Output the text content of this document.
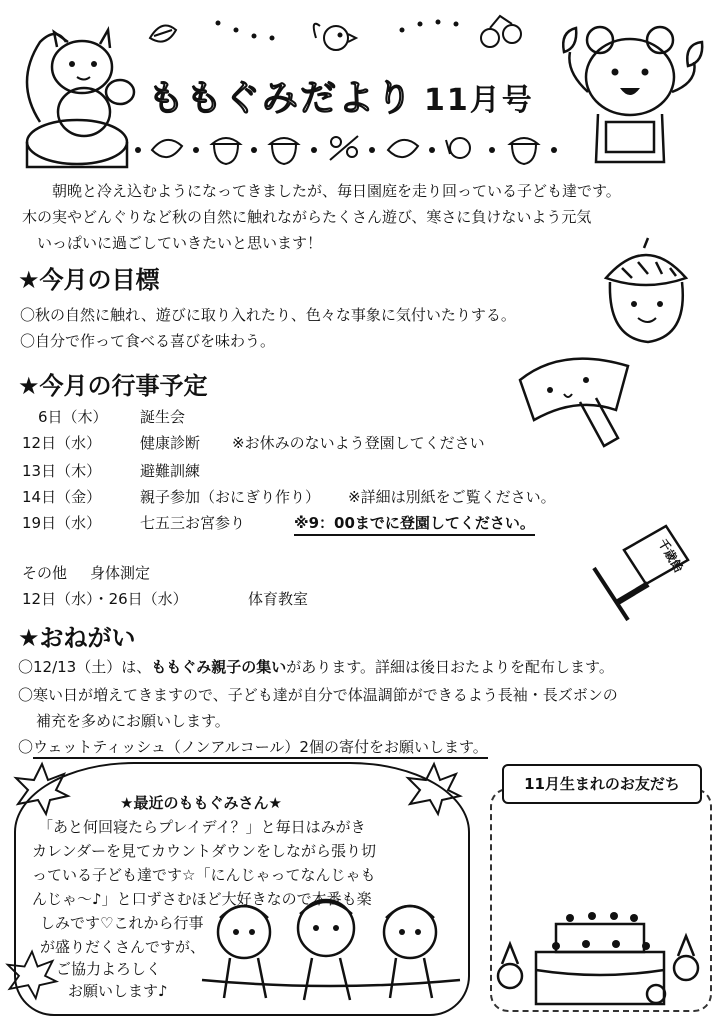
ももぐみだより 11月号

朝晩と冷え込むようになってきましたが、毎日園庭を走り回っている子ども達です。

木の実やどんぐりなど秋の自然に触れながらたくさん遊び、寒さに負けないよう元気

いっぱいに過ごしていきたいと思います！

★今月の目標
〇秋の自然に触れ、遊びに取り入れたり、色々な事象に気付いたりする。
〇自分で作って食べる喜びを味わう。
★今月の行事予定
6日（木） 誕生会
12日（水）	健康診断 ※お休みのないよう登園してください
13日（木）	避難訓練
14日（金）	親子参加（おにぎり作り） ※詳細は別紙をご覧ください。
19日（水）	七五三お宮参り	※9：00までに登園してください。
その他 身体測定
12日（水）・26日（水）	体育教室
千歳飴
★おねがい
〇12/13（土）は、ももぐみ親子の集いがあります。詳細は後日おたよりを配布します。
〇寒い日が増えてきますので、子ども達が自分で体温調節ができるよう長袖・長ズボンの
補充を多めにお願いします。
〇ウェットティッシュ（ノンアルコール）2個の寄付をお願いします。
★最近のももぐみさん★
「あと何回寝たらプレイデイ？」と毎日はみがき
カレンダーを見てカウントダウンをしながら張り切
っている子ども達です☆「にんじゃってなんじゃも
んじゃ～♪」と口ずさむほど大好きなので本番も楽
しみです♡これから行事
が盛りだくさんですが、
ご協力よろしく
お願いします♪
11月生まれのお友だち
